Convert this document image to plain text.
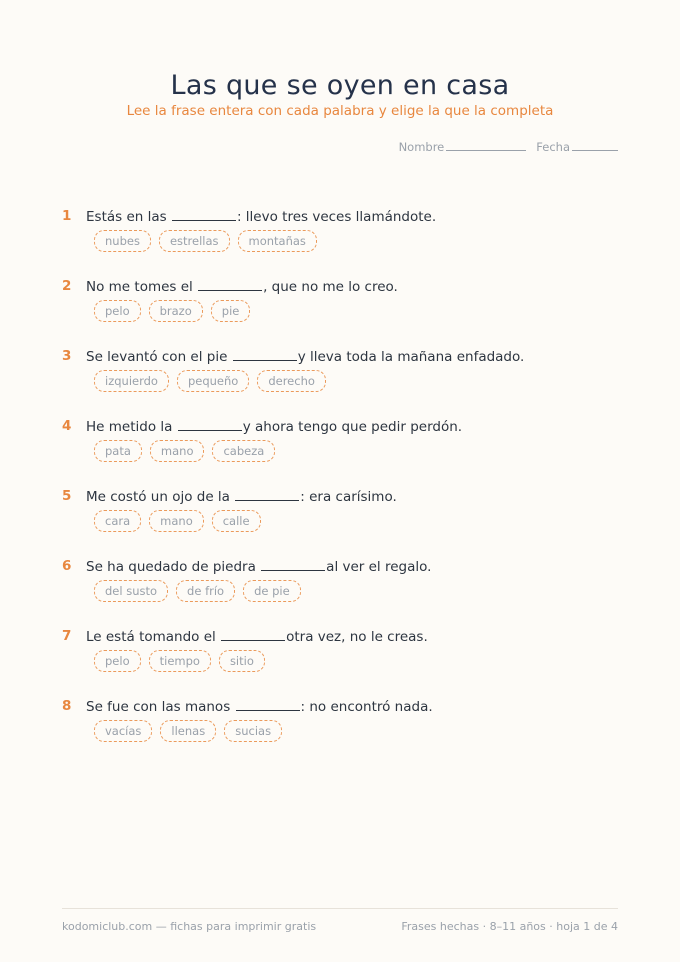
Las que se oyen en casa
Lee la frase entera con cada palabra y elige la que la completa
Nombre	Fecha
1 Estás en las	: llevo tres veces llamándote.
nubes	estrellas	montañas
2 No me tomes el	, que no me lo creo.
pelo	brazo	pie
3 Se levantó con el pie	y lleva toda la mañana enfadado.
izquierdo	pequeño	derecho
4 He metido la	y ahora tengo que pedir perdón.
pata	mano	cabeza
5 Me costó un ojo de la	: era carísimo.
cara	mano	calle
6 Se ha quedado de piedra	al ver el regalo.
del susto	de frío	de pie
7 Le está tomando el	otra vez, no le creas.
pelo	tiempo	sitio
8 Se fue con las manos	: no encontró nada.
vacías	llenas	sucias
kodomiclub.com — fichas para imprimir gratis	Frases hechas · 8–11 años · hoja 1 de 4
